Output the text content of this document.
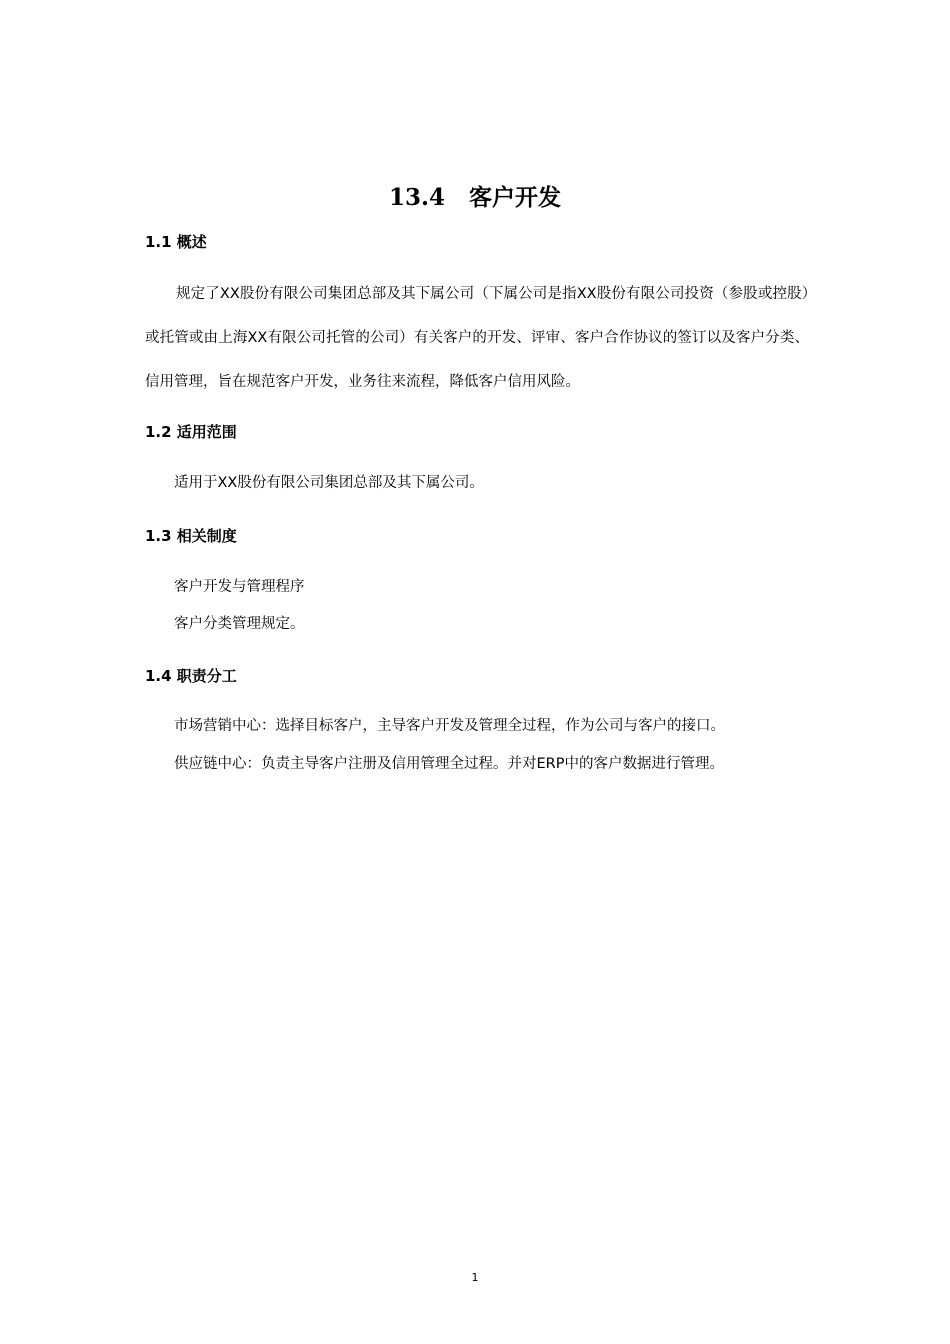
13.4   客户开发
1.1 概述
规定了XX股份有限公司集团总部及其下属公司（下属公司是指XX股份有限公司投资（参股或控股）或托管或由上海XX有限公司托管的公司）有关客户的开发、评审、客户合作协议的签订以及客户分类、信用管理，旨在规范客户开发，业务往来流程，降低客户信用风险。
1.2 适用范围
适用于XX股份有限公司集团总部及其下属公司。
1.3 相关制度
客户开发与管理程序
客户分类管理规定。
1.4 职责分工
市场营销中心：选择目标客户，主导客户开发及管理全过程，作为公司与客户的接口。
供应链中心：负责主导客户注册及信用管理全过程。并对ERP中的客户数据进行管理。
1
